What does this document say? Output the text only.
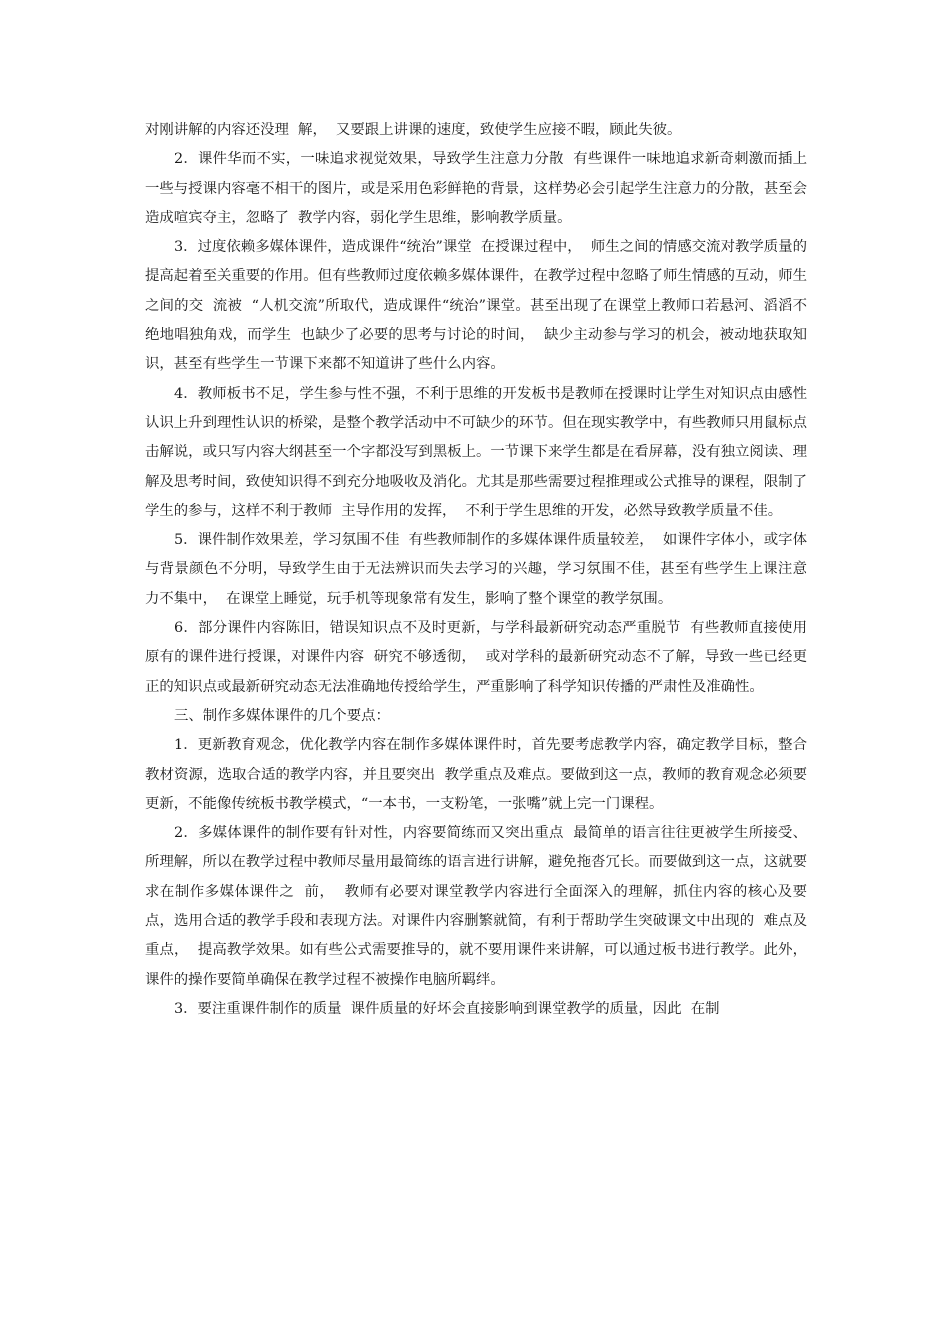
对刚讲解的内容还没理  解，  又要跟上讲课的速度，致使学生应接不暇，顾此失彼。

2．课件华而不实，一味追求视觉效果，导致学生注意力分散  有些课件一味地追求新奇刺激而插上一些与授课内容毫不相干的图片，或是采用色彩鲜艳的背景，这样势必会引起学生注意力的分散，甚至会造成喧宾夺主，忽略了  教学内容，弱化学生思维，影响教学质量。

3．过度依赖多媒体课件，造成课件“统治”课堂  在授课过程中，  师生之间的情感交流对教学质量的提高起着至关重要的作用。但有些教师过度依赖多媒体课件，在教学过程中忽略了师生情感的互动，师生之间的交  流被  “人机交流”所取代，造成课件“统治”课堂。甚至出现了在课堂上教师口若悬河、滔滔不绝地唱独角戏，而学生  也缺少了必要的思考与讨论的时间，  缺少主动参与学习的机会，被动地获取知识，甚至有些学生一节课下来都不知道讲了些什么内容。

4．教师板书不足，学生参与性不强，不利于思维的开发板书是教师在授课时让学生对知识点由感性认识上升到理性认识的桥梁，是整个教学活动中不可缺少的环节。但在现实教学中，有些教师只用鼠标点击解说，或只写内容大纲甚至一个字都没写到黑板上。一节课下来学生都是在看屏幕，没有独立阅读、理解及思考时间，致使知识得不到充分地吸收及消化。尤其是那些需要过程推理或公式推导的课程，限制了学生的参与，这样不利于教师  主导作用的发挥，  不利于学生思维的开发，必然导致教学质量不佳。

5．课件制作效果差，学习氛围不佳  有些教师制作的多媒体课件质量较差，  如课件字体小，或字体与背景颜色不分明，导致学生由于无法辨识而失去学习的兴趣，学习氛围不佳，甚至有些学生上课注意  力不集中，  在课堂上睡觉，玩手机等现象常有发生，影响了整个课堂的教学氛围。

6．部分课件内容陈旧，错误知识点不及时更新，与学科最新研究动态严重脱节  有些教师直接使用原有的课件进行授课，对课件内容  研究不够透彻，  或对学科的最新研究动态不了解，导致一些已经更正的知识点或最新研究动态无法准确地传授给学生，严重影响了科学知识传播的严肃性及准确性。

三、制作多媒体课件的几个要点：

1．更新教育观念，优化教学内容在制作多媒体课件时，首先要考虑教学内容，确定教学目标，整合教材资源，选取合适的教学内容，并且要突出  教学重点及难点。要做到这一点，教师的教育观念必须要更新，不能像传统板书教学模式，“一本书，一支粉笔，一张嘴”就上完一门课程。

2．多媒体课件的制作要有针对性，内容要简练而又突出重点  最简单的语言往往更被学生所接受、  所理解，所以在教学过程中教师尽量用最简练的语言进行讲解，避免拖沓冗长。而要做到这一点，这就要求在制作多媒体课件之  前，  教师有必要对课堂教学内容进行全面深入的理解，抓住内容的核心及要点，选用合适的教学手段和表现方法。对课件内容删繁就简，有利于帮助学生突破课文中出现的  难点及重点，  提高教学效果。如有些公式需要推导的，就不要用课件来讲解，可以通过板书进行教学。此外，课件的操作要简单确保在教学过程不被操作电脑所羁绊。

3．要注重课件制作的质量  课件质量的好坏会直接影响到课堂教学的质量，因此  在制
